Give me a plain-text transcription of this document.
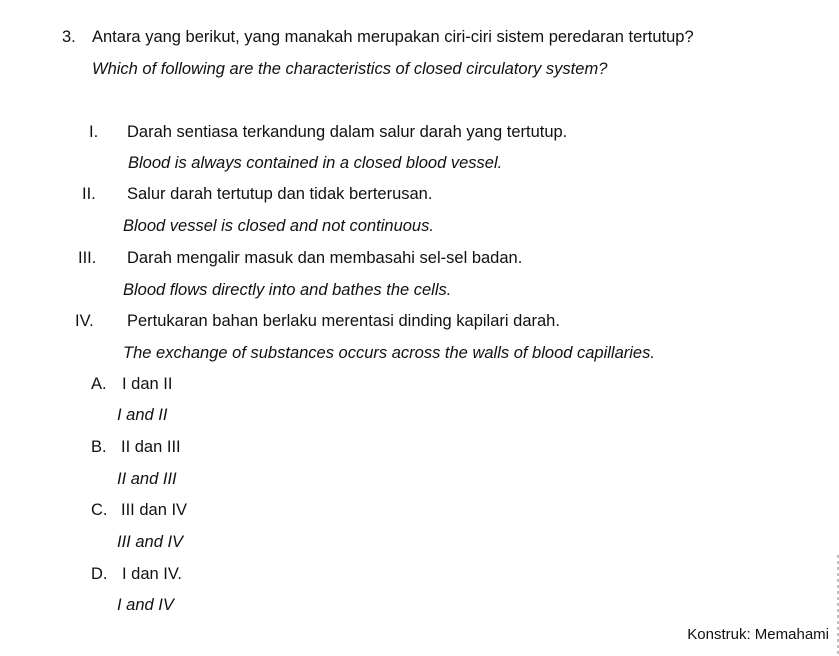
3. Antara yang berikut, yang manakah merupakan ciri-ciri sistem peredaran tertutup?
Which of following are the characteristics of closed circulatory system?
I. Darah sentiasa terkandung dalam salur darah yang tertutup.
Blood is always contained in a closed blood vessel.
II. Salur darah tertutup dan tidak berterusan.
Blood vessel is closed and not continuous.
III. Darah mengalir masuk dan membasahi sel-sel badan.
Blood flows directly into and bathes the cells.
IV. Pertukaran bahan berlaku merentasi dinding kapilari darah.
The exchange of substances occurs across the walls of blood capillaries.
A. I dan II
I and II
B. II dan III
II and III
C. III dan IV
III and IV
D. I dan IV.
I and IV
Konstruk: Memahami
